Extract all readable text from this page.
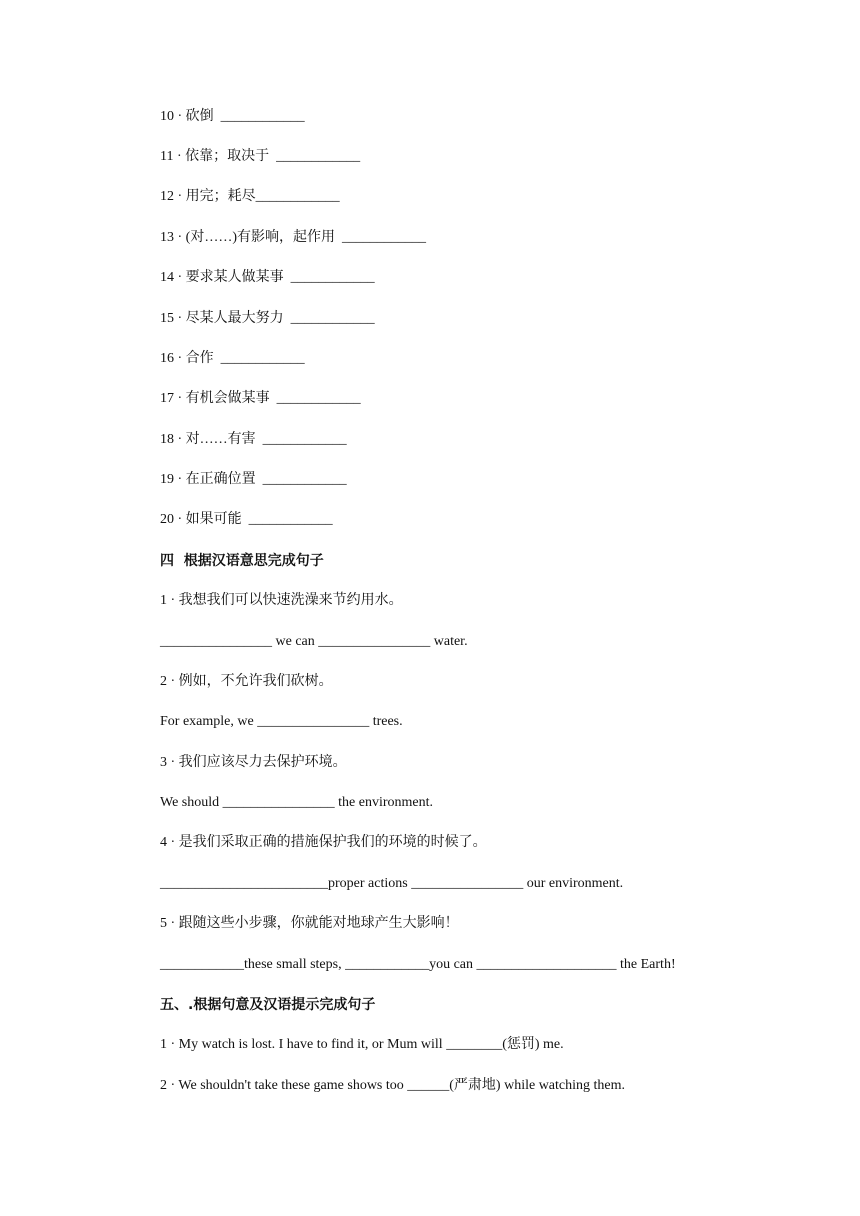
10 · 砍倒  ____________
11 · 依靠；取决于  ____________
12 · 用完；耗尽____________
13 · (对……)有影响，起作用  ____________
14 · 要求某人做某事  ____________
15 · 尽某人最大努力  ____________
16 · 合作  ____________
17 · 有机会做某事  ____________
18 · 对……有害  ____________
19 · 在正确位置  ____________
20 · 如果可能  ____________
四  根据汉语意思完成句子
1 · 我想我们可以快速洗澡来节约用水。
________________ we can ________________ water.
2 · 例如，不允许我们砍树。
For example, we ________________ trees.
3 · 我们应该尽力去保护环境。
We should ________________ the environment.
4 · 是我们采取正确的措施保护我们的环境的时候了。
________________________proper actions ________________ our environment.
5 · 跟随这些小步骤，你就能对地球产生大影响！
____________these small steps, ____________you can ____________________ the Earth!
五、.根据句意及汉语提示完成句子
1 · My watch is lost. I have to find it, or Mum will ________(惩罚) me.
2 · We shouldn't take these game shows too ______(严肃地) while watching them.
